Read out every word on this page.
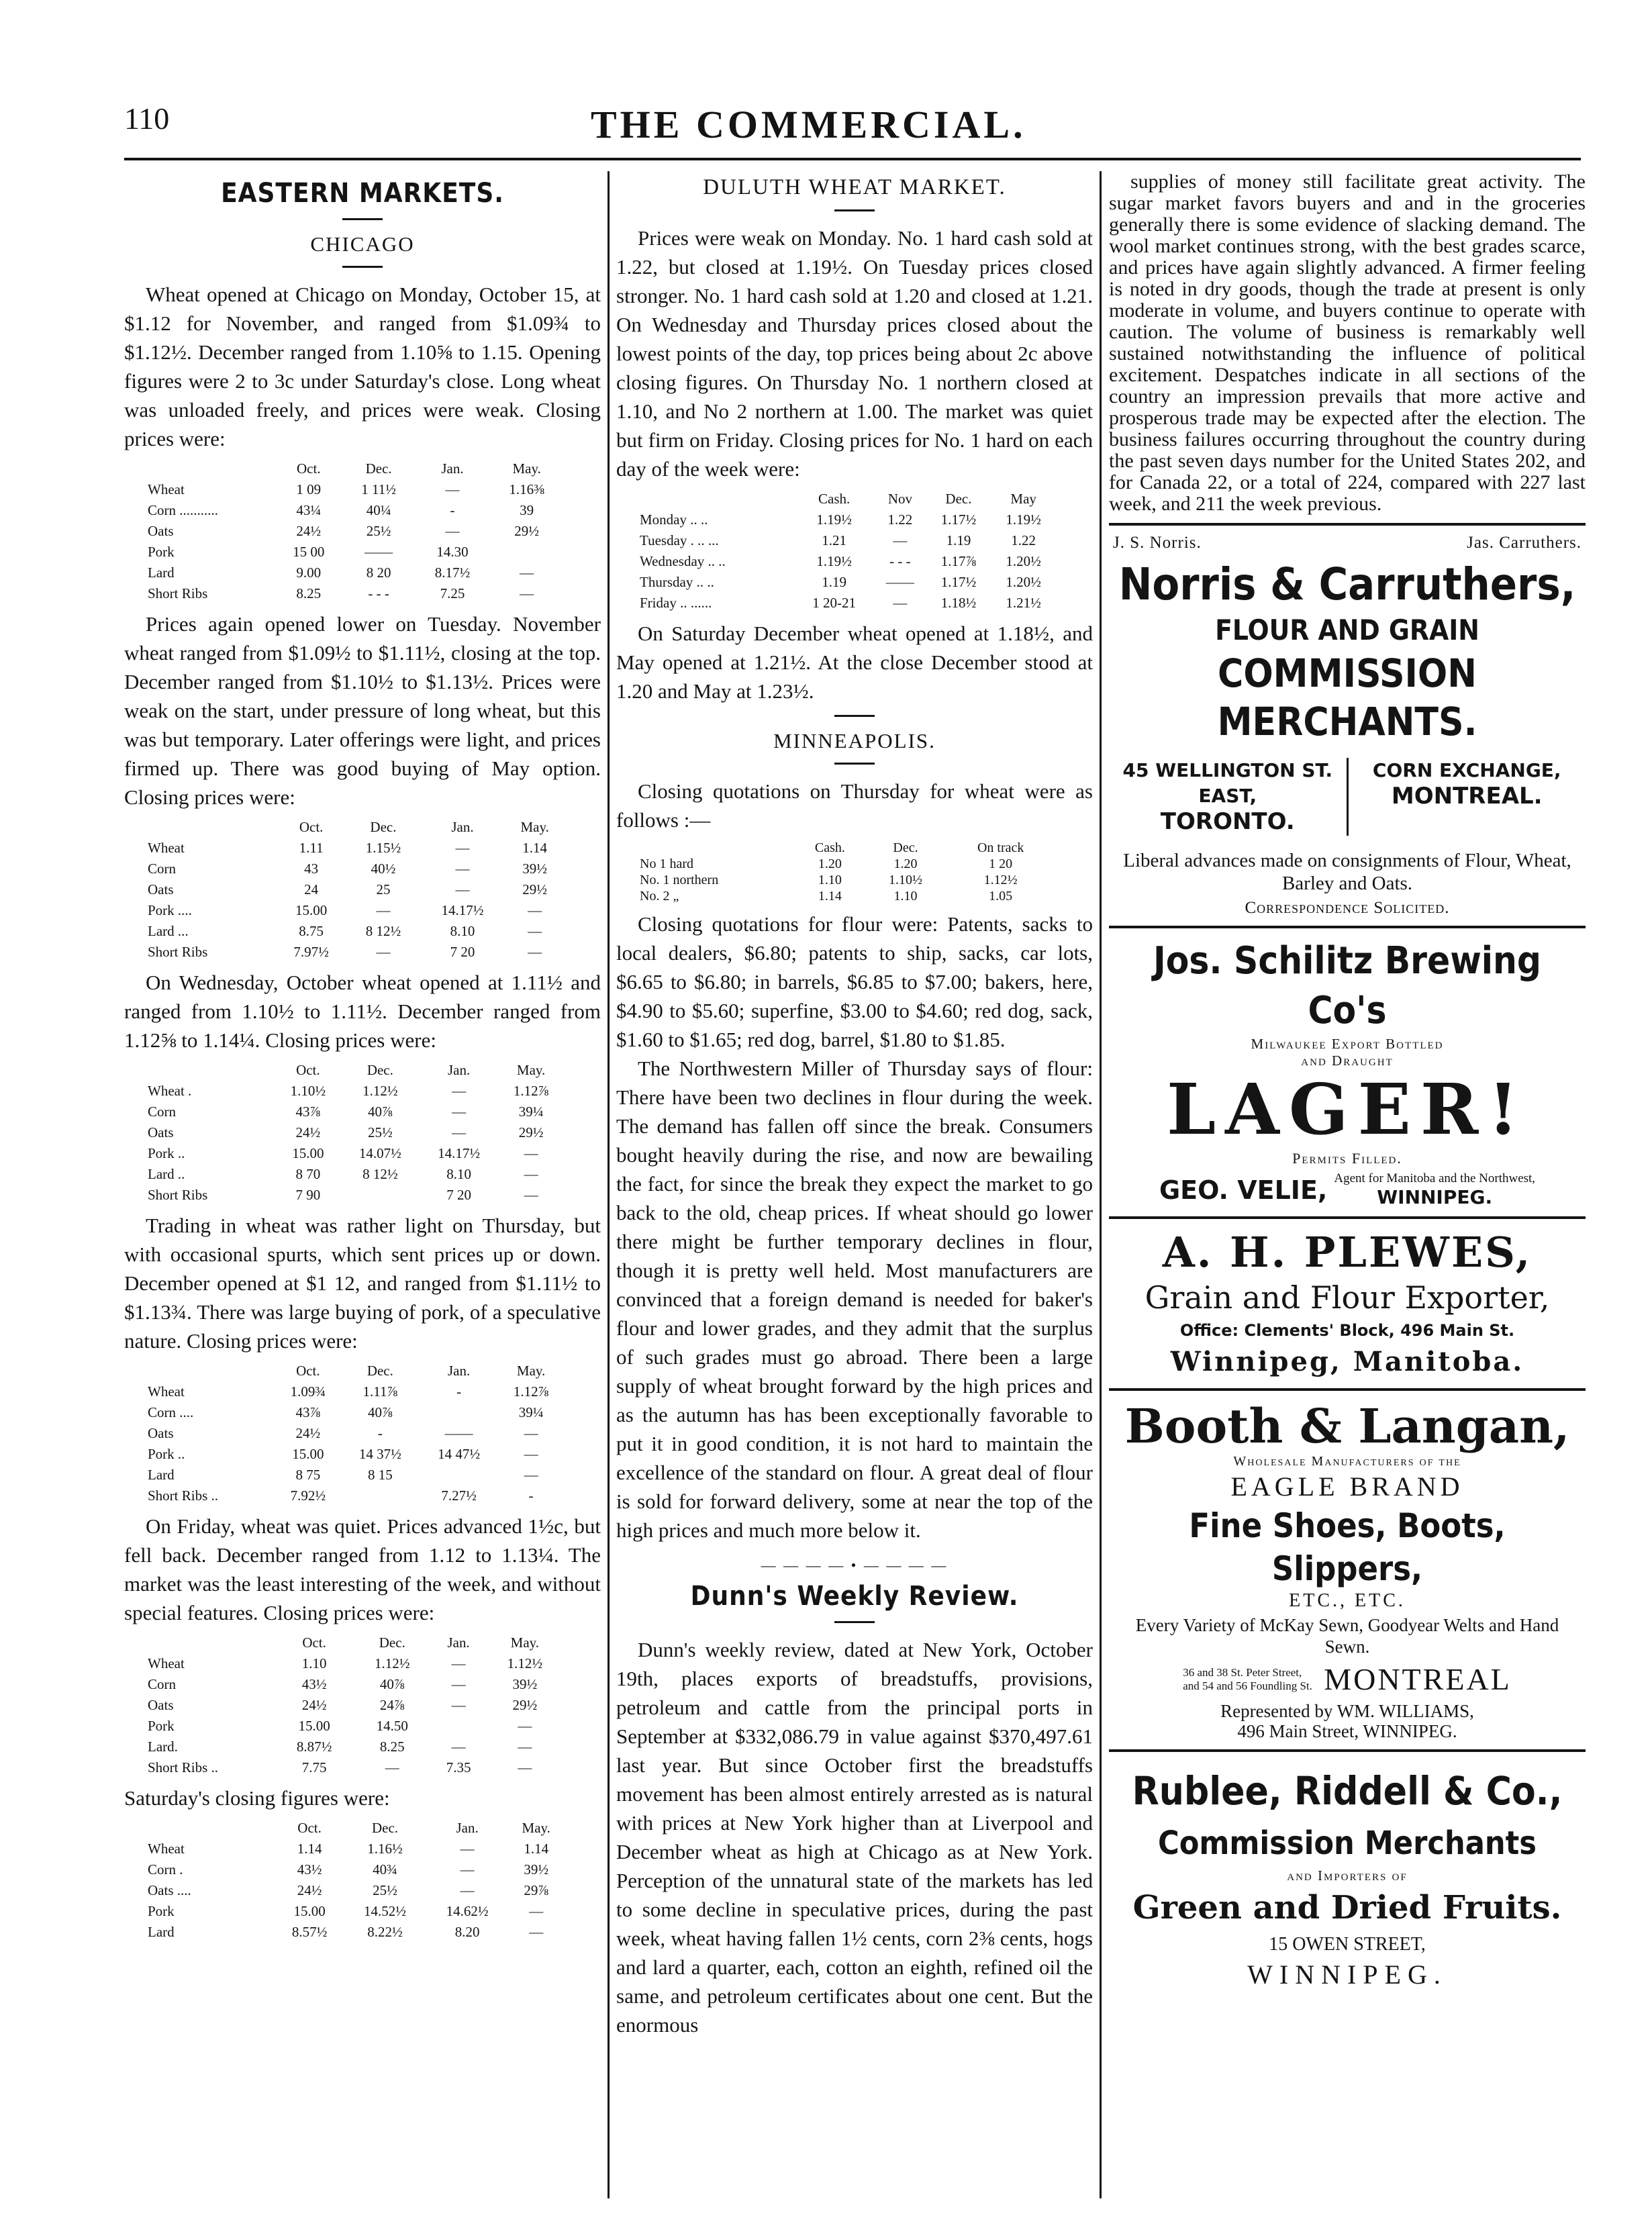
110	THE COMMERCIAL.
EASTERN MARKETS.
CHICAGO

Wheat opened at Chicago on Monday, October 15, at $1.12 for November, and ranged from $1.09¾ to $1.12½. December ranged from 1.10⅝ to 1.15. Opening figures were 2 to 3c under Saturday's close. Long wheat was unloaded freely, and prices were weak. Closing prices were:

	Oct.	Dec.	Jan.	May.
Wheat	1 09	1 11½	—	1.16⅜
Corn ...........	43¼	40¼	-	39
Oats	24½	25½	—	29½
Pork	15 00	——	14.30	
Lard	9.00	8 20	8.17½	—
Short Ribs	8.25	- - -	7.25	—

Prices again opened lower on Tuesday. November wheat ranged from $1.09½ to $1.11½, closing at the top. December ranged from $1.10½ to $1.13½. Prices were weak on the start, under pressure of long wheat, but this was but temporary. Later offerings were light, and prices firmed up. There was good buying of May option. Closing prices were:

	Oct.	Dec.	Jan.	May.
Wheat	1.11	1.15½	—	1.14
Corn	43	40½	—	39½
Oats	24	25	—	29½
Pork ....	15.00	—	14.17½	—
Lard ...	8.75	8 12½	8.10	—
Short Ribs	7.97½	—	7 20	—

On Wednesday, October wheat opened at 1.11½ and ranged from 1.10½ to 1.11½. December ranged from 1.12⅝ to 1.14¼. Closing prices were:

	Oct.	Dec.	Jan.	May.
Wheat .	1.10½	1.12½	—	1.12⅞
Corn	43⅞	40⅞	—	39¼
Oats	24½	25½	—	29½
Pork ..	15.00	14.07½	14.17½	—
Lard ..	8 70	8 12½	8.10	—
Short Ribs	7 90		7 20	—

Trading in wheat was rather light on Thursday, but with occasional spurts, which sent prices up or down. December opened at $1 12, and ranged from $1.11½ to $1.13¾. There was large buying of pork, of a speculative nature. Closing prices were:

	Oct.	Dec.	Jan.	May.
Wheat	1.09¾	1.11⅞	-	1.12⅞
Corn ....	43⅞	40⅞		39¼
Oats	24½	-	——	—
Pork ..	15.00	14 37½	14 47½	—
Lard	8 75	8 15		—
Short Ribs ..	7.92½		7.27½	-

On Friday, wheat was quiet. Prices advanced 1½c, but fell back. December ranged from 1.12 to 1.13¼. The market was the least interesting of the week, and without special features. Closing prices were:

	Oct.	Dec.	Jan.	May.
Wheat	1.10	1.12½	—	1.12½
Corn	43½	40⅞	—	39½
Oats	24½	24⅞	—	29½
Pork	15.00	14.50		—
Lard.	8.87½	8.25	—	—
Short Ribs ..	7.75	—	7.35	—

Saturday's closing figures were:

	Oct.	Dec.	Jan.	May.
Wheat	1.14	1.16½	—	1.14
Corn .	43½	40¾	—	39½
Oats ....	24½	25½	—	29⅞
Pork	15.00	14.52½	14.62½	—
Lard	8.57½	8.22½	8.20	—
DULUTH WHEAT MARKET.

Prices were weak on Monday. No. 1 hard cash sold at 1.22, but closed at 1.19½. On Tuesday prices closed stronger. No. 1 hard cash sold at 1.20 and closed at 1.21. On Wednesday and Thursday prices closed about the lowest points of the day, top prices being about 2c above closing figures. On Thursday No. 1 northern closed at 1.10, and No 2 northern at 1.00. The market was quiet but firm on Friday. Closing prices for No. 1 hard on each day of the week were:

	Cash.	Nov	Dec.	May
Monday .. ..	1.19½	1.22	1.17½	1.19½
Tuesday . .. ...	1.21	—	1.19	1.22
Wednesday .. ..	1.19½	- - -	1.17⅞	1.20½
Thursday .. ..	1.19	——	1.17½	1.20½
Friday .. ......	1 20-21	—	1.18½	1.21½

On Saturday December wheat opened at 1.18½, and May opened at 1.21½. At the close December stood at 1.20 and May at 1.23½.

MINNEAPOLIS.

Closing quotations on Thursday for wheat were as follows :—

	Cash.	Dec.	On track
No 1 hard	1.20	1.20	1 20
No. 1 northern	1.10	1.10½	1.12½
No. 2 „	1.14	1.10	1.05

Closing quotations for flour were: Patents, sacks to local dealers, $6.80; patents to ship, sacks, car lots, $6.65 to $6.80; in barrels, $6.85 to $7.00; bakers, here, $4.90 to $5.60; superfine, $3.00 to $4.60; red dog, sack, $1.60 to $1.65; red dog, barrel, $1.80 to $1.85.

The Northwestern Miller of Thursday says of flour: There have been two declines in flour during the week. The demand has fallen off since the break. Consumers bought heavily during the rise, and now are bewailing the fact, for since the break they expect the market to go back to the old, cheap prices. If wheat should go lower there might be further temporary declines in flour, though it is pretty well held. Most manufacturers are convinced that a foreign demand is needed for baker's flour and lower grades, and they admit that the surplus of such grades must go abroad. There been a large supply of wheat brought forward by the high prices and as the autumn has has been exceptionally favorable to put it in good condition, it is not hard to maintain the excellence of the standard on flour. A great deal of flour is sold for forward delivery, some at near the top of the high prices and much more below it.

— — — — • — — — —
Dunn's Weekly Review.

Dunn's weekly review, dated at New York, October 19th, places exports of breadstuffs, provisions, petroleum and cattle from the principal ports in September at $332,086.79 in value against $370,497.61 last year. But since October first the breadstuffs movement has been almost entirely arrested as is natural with prices at New York higher than at Liverpool and December wheat as high at Chicago as at New York. Perception of the unnatural state of the markets has led to some decline in speculative prices, during the past week, wheat having fallen 1½ cents, corn 2⅜ cents, hogs and lard a quarter, each, cotton an eighth, refined oil the same, and petroleum certificates about one cent. But the enormous

supplies of money still facilitate great activity. The sugar market favors buyers and and in the groceries generally there is some evidence of slacking demand. The wool market continues strong, with the best grades scarce, and prices have again slightly advanced. A firmer feeling is noted in dry goods, though the trade at present is only moderate in volume, and buyers continue to operate with caution. The volume of business is remarkably well sustained notwithstanding the influence of political excitement. Despatches indicate in all sections of the country an impression prevails that more active and prosperous trade may be expected after the election. The business failures occurring throughout the country during the past seven days number for the United States 202, and for Canada 22, or a total of 224, compared with 227 last week, and 211 the week previous.

J. S. Norris.	Jas. Carruthers.
Norris & Carruthers,
FLOUR AND GRAIN
COMMISSION MERCHANTS.
45 WELLINGTON ST. EAST,
TORONTO.
CORN EXCHANGE,
MONTREAL.
Liberal advances made on consignments of Flour, Wheat, Barley and Oats.
Correspondence Solicited.
Jos. Schilitz Brewing Co's
Milwaukee Export Bottled
and Draught
LAGER!
Permits Filled.
GEO. VELIE, Agent for Manitoba and the Northwest,
WINNIPEG.
A. H. PLEWES,
Grain and Flour Exporter,
Office: Clements' Block, 496 Main St.
Winnipeg, Manitoba.
Booth & Langan,
Wholesale Manufacturers of the
EAGLE BRAND
Fine Shoes, Boots, Slippers,
ETC., ETC.
Every Variety of McKay Sewn, Goodyear Welts and Hand Sewn.
36 and 38 St. Peter Street, and 54 and 56 Foundling St. MONTREAL
Represented by WM. WILLIAMS,
496 Main Street, WINNIPEG.
Rublee, Riddell & Co.,
Commission Merchants
and Importers of
Green and Dried Fruits.
15 OWEN STREET,
WINNIPEG.
